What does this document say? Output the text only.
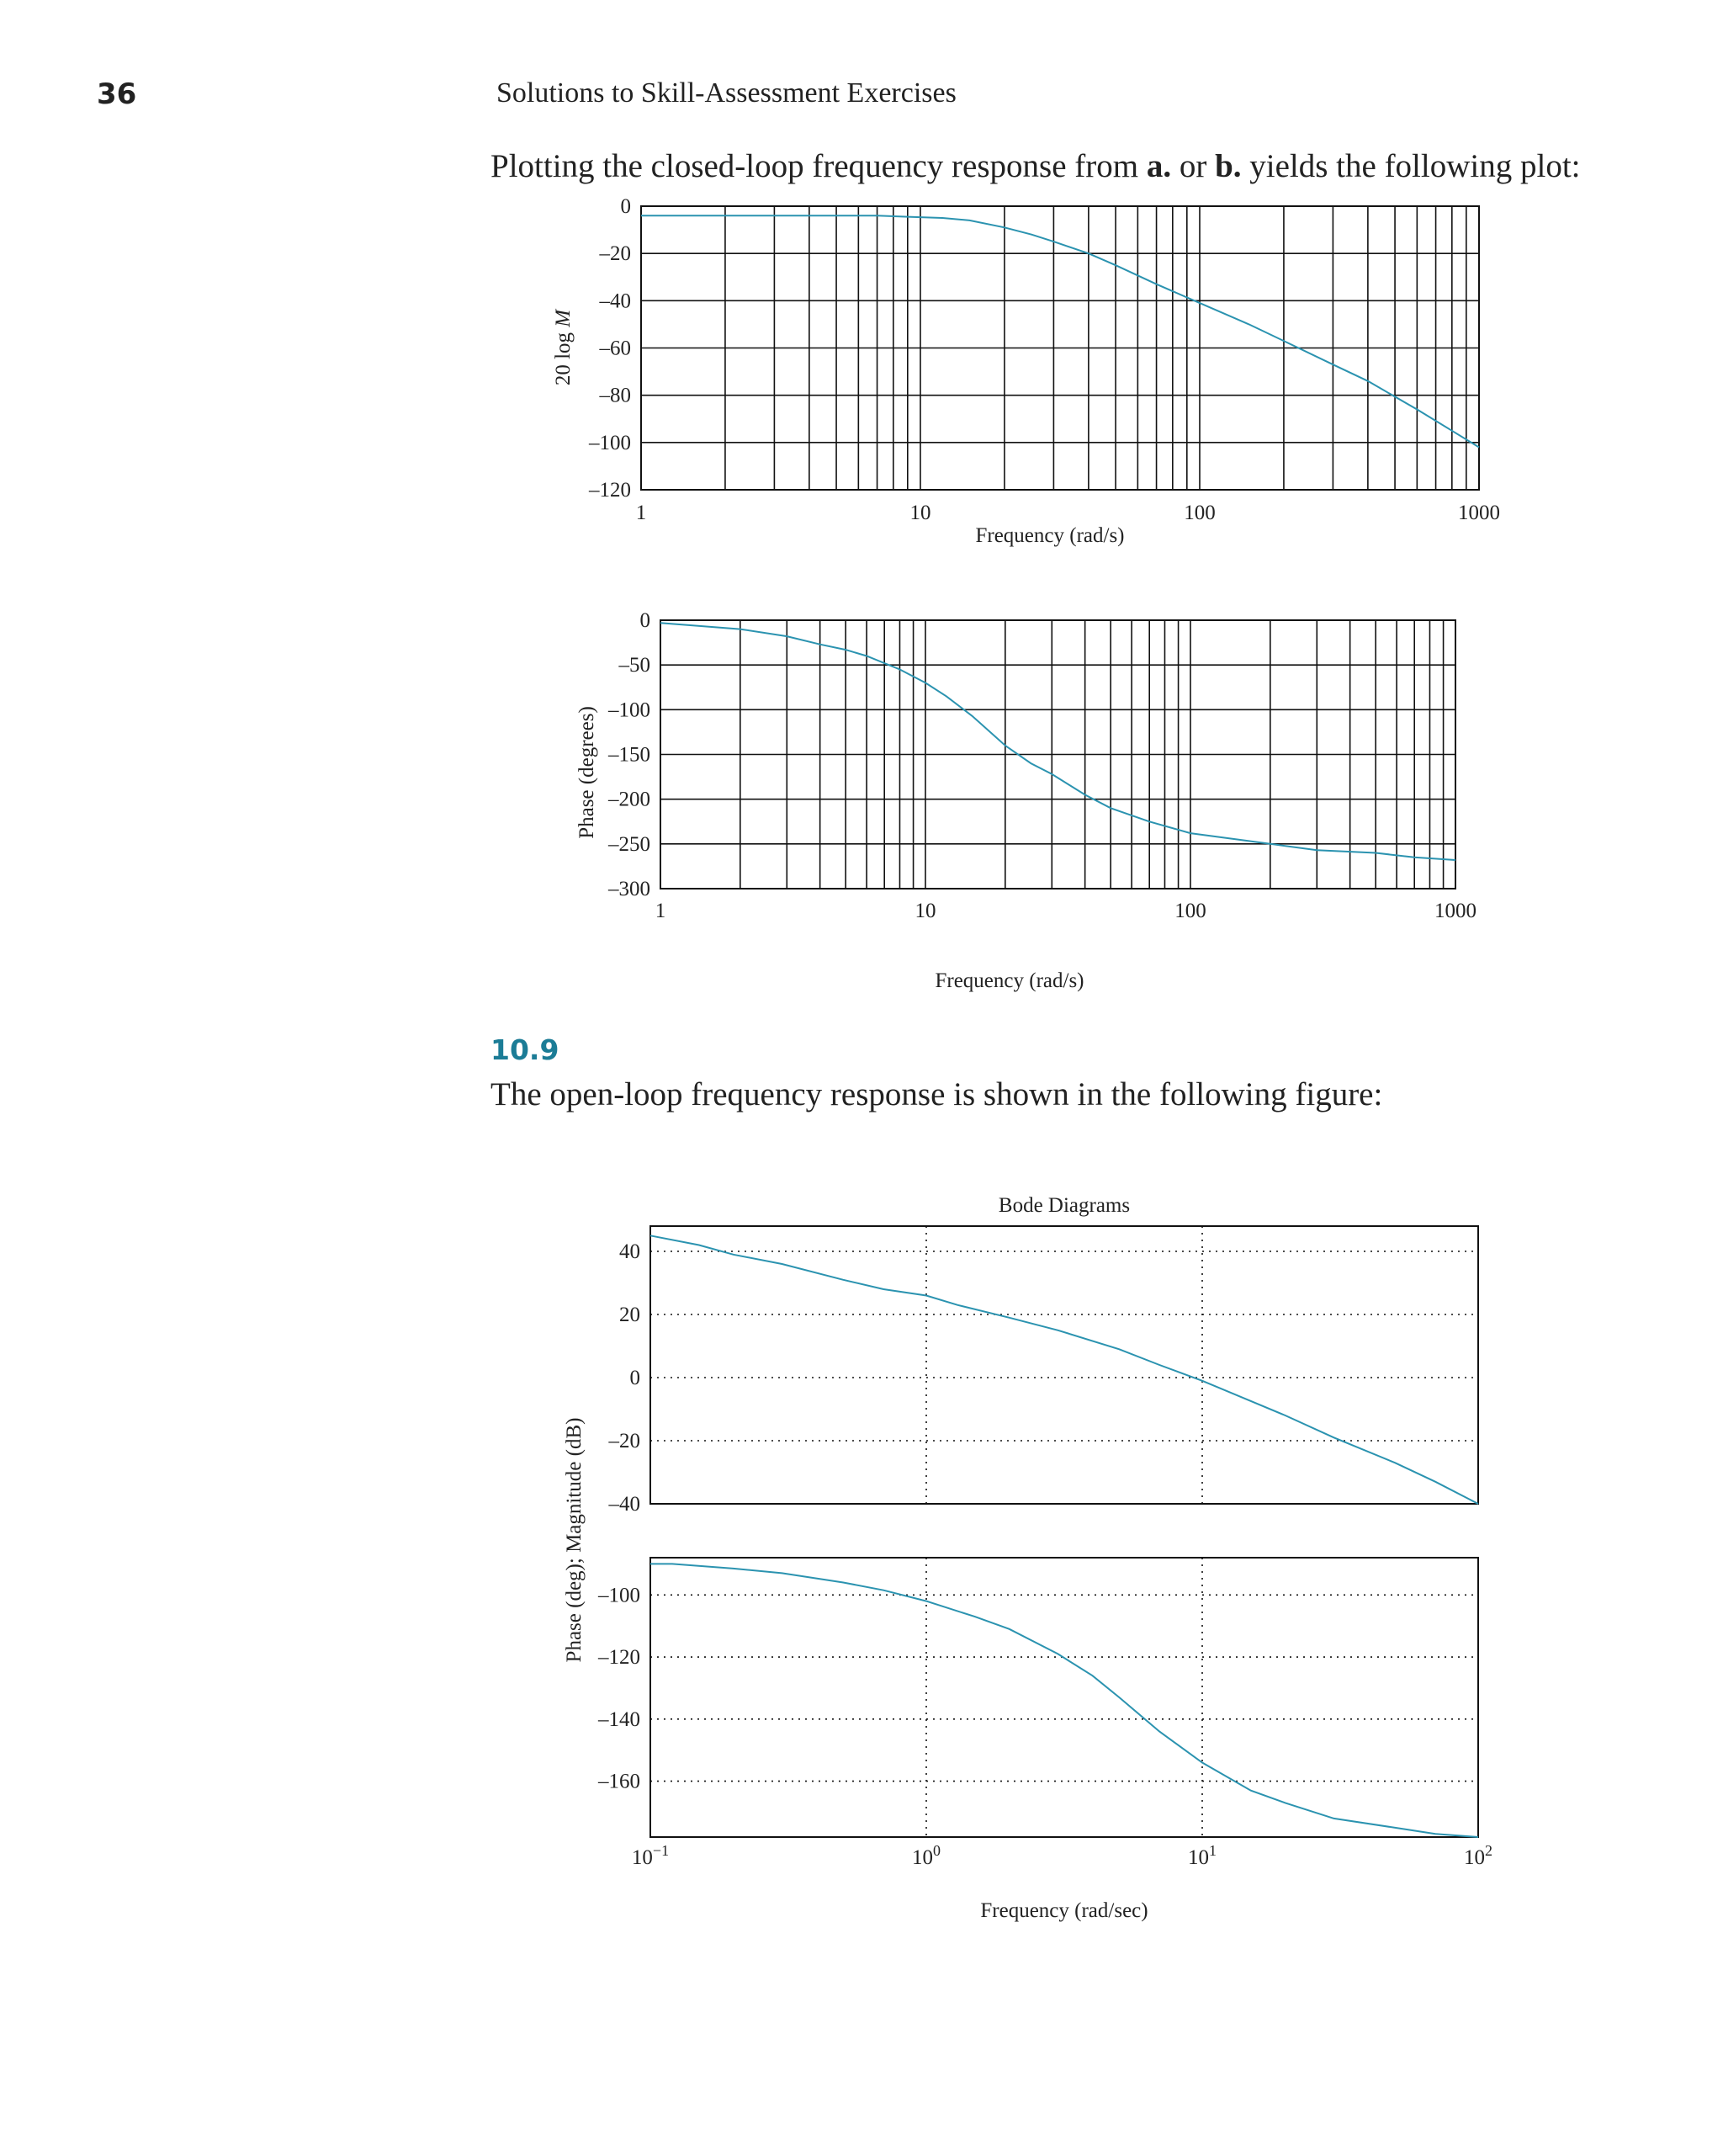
36	Solutions to Skill-Assessment Exercises
Plotting the closed-loop frequency response from a. or b. yields the following plot:
10.9
The open-loop frequency response is shown in the following figure:
0
–20
–40
–60
–80
–100
–120
1	10	100	1000
Frequency (rad/s)
20 log M
0
–50
–100
–150
–200
–250
–300
1	10	100	1000
Frequency (rad/s)
Phase (degrees)
40
20
0
–20
–40
Bode Diagrams
Phase (deg); Magnitude (dB) –100
–120
–140
–160
$10^{-1}$	$10^0$	$10^1$	$10^2$
Frequency (rad/sec)
